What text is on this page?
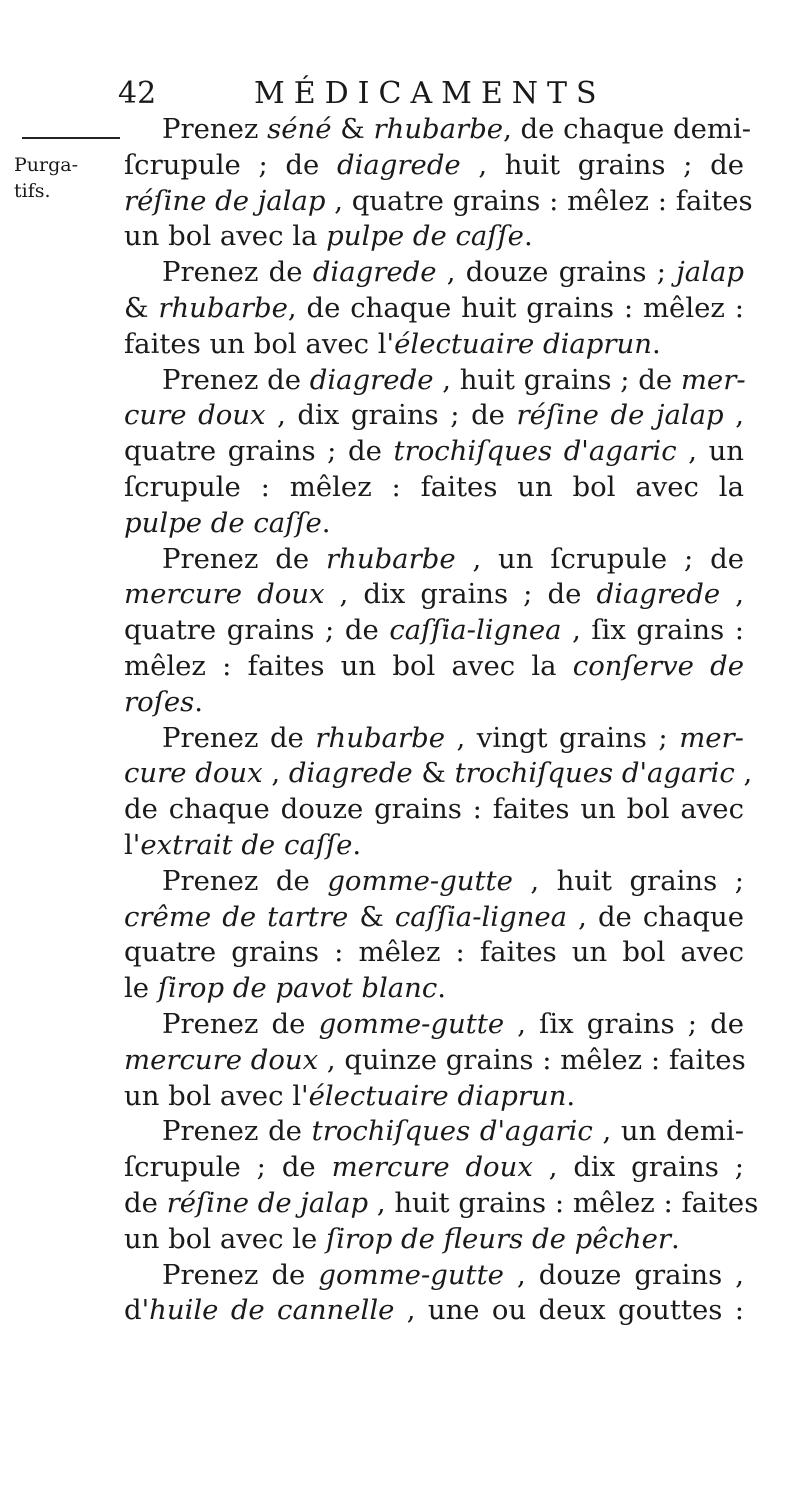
42	MÉDICAMENTS
Purga-
tifs.
Prenez séné & rhubarbe, de chaque demi-
ſcrupule ; de diagrede , huit grains ; de
réſine de jalap , quatre grains : mêlez : faites
un bol avec la pulpe de caſſe.
Prenez de diagrede , douze grains ; jalap
& rhubarbe, de chaque huit grains : mêlez :
faites un bol avec l'électuaire diaprun.
Prenez de diagrede , huit grains ; de mer-
cure doux , dix grains ; de réſine de jalap ,
quatre grains ; de trochiſques d'agaric , un
ſcrupule : mêlez : faites un bol avec la
pulpe de caſſe.
Prenez de rhubarbe , un ſcrupule ; de
mercure doux , dix grains ; de diagrede ,
quatre grains ; de caſſia-lignea , ſix grains :
mêlez : faites un bol avec la conſerve de
roſes.
Prenez de rhubarbe , vingt grains ; mer-
cure doux , diagrede & trochiſques d'agaric ,
de chaque douze grains : faites un bol avec
l'extrait de caſſe.
Prenez de gomme-gutte , huit grains ;
crême de tartre & caſſia-lignea , de chaque
quatre grains : mêlez : faites un bol avec
le ſirop de pavot blanc.
Prenez de gomme-gutte , ſix grains ; de
mercure doux , quinze grains : mêlez : faites
un bol avec l'électuaire diaprun.
Prenez de trochiſques d'agaric , un demi-
ſcrupule ; de mercure doux , dix grains ;
de réſine de jalap , huit grains : mêlez : faites
un bol avec le ſirop de fleurs de pêcher.
Prenez de gomme-gutte , douze grains ,
d'huile de cannelle , une ou deux gouttes :
